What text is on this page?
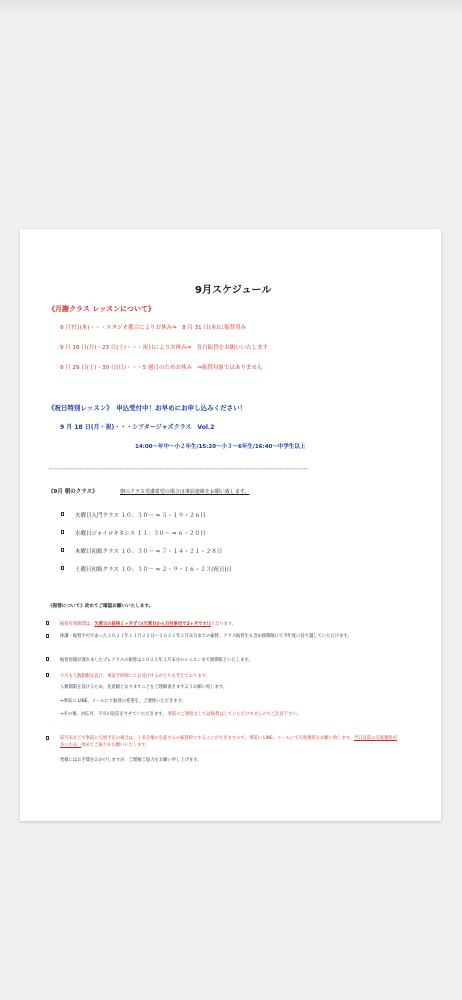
9月スケジュール
《月謝クラス レッスンについて》
9 月7日(木)・・・スタジオ都合によりお休み⇒　8 月 31 日(木)に振替済み
9 月 18 日(月)・23 日(土)・・・祝日によりお休み⇒　各自振替をお願いいたします
9 月 29 日(土)・30 日(日)・・・5 週目のためお休み　⇒振替対象ではありません
《祝日特別レッスン》　申込受付中！お早めにお申し込みください！
9 月 18 日(月・祝)・・・シアタージャズクラス　Vol.2
14:00〜年中〜小２年生/15:20〜小３〜6年生/16:40〜中学生以上
〜〜〜〜〜〜〜〜〜〜〜〜〜〜〜〜〜〜〜〜〜〜〜〜〜〜〜〜〜〜〜〜〜〜〜〜〜〜〜〜〜〜〜〜〜〜〜〜〜〜〜〜
《9月 朝のクラス》	朝のクラス受講希望の場合は事前連絡をお願い致します。
火曜日入門クラス １０：３０〜 ⇒ ５・１９・２６日
水曜日ジャイロキネシス １１：３０〜 ⇒ ６・２０日
木曜日初級クラス １０：３０〜 ⇒ ７・１４・２１・２８日
土曜日初級クラス １０：３０〜 ⇒ ２・９・１６・２３(祝日)日
《振替について》改めてご確認お願いいたします。
振替有効期間は、欠席日の前後２ヶ月ずつ(欠席日から日付単位で2ヶ月です!)となります。
休講・振替不可であった２０２１年１１月２２日〜２０２２年２月末分までの振替、クラス振替生も含め無期限にて今年度に持ち越していただけます。
振替再開が遅れましたプレクラスの振替は２０２２年３月末分のレッスンまで無期限といたします。
９月も人数制限を設け、事前予約制にてお受けするかたちを考えております。
人数制限を設けるため、先着順となりますことをご理解頂きますようお願い致します。
⇒事前に LINE、メールにて振替の希望を、ご連絡いただきます。
⇒その後、対応可、不可の返信をさせていただきます。 事前のご連絡なしでは振替はしていただけませんのでご注意下さい。
前月末などで事前に欠席予定の場合は、１名分他の生徒さんの振替枠にすることができますので、事前に LINE、メールにて欠席連絡をお願い致します。当日直前の欠席連絡が多いため、改めてご協力をお願いいたします。
皆様にはお手間をおかけしますが、ご理解ご協力をお願い申し上げます。
